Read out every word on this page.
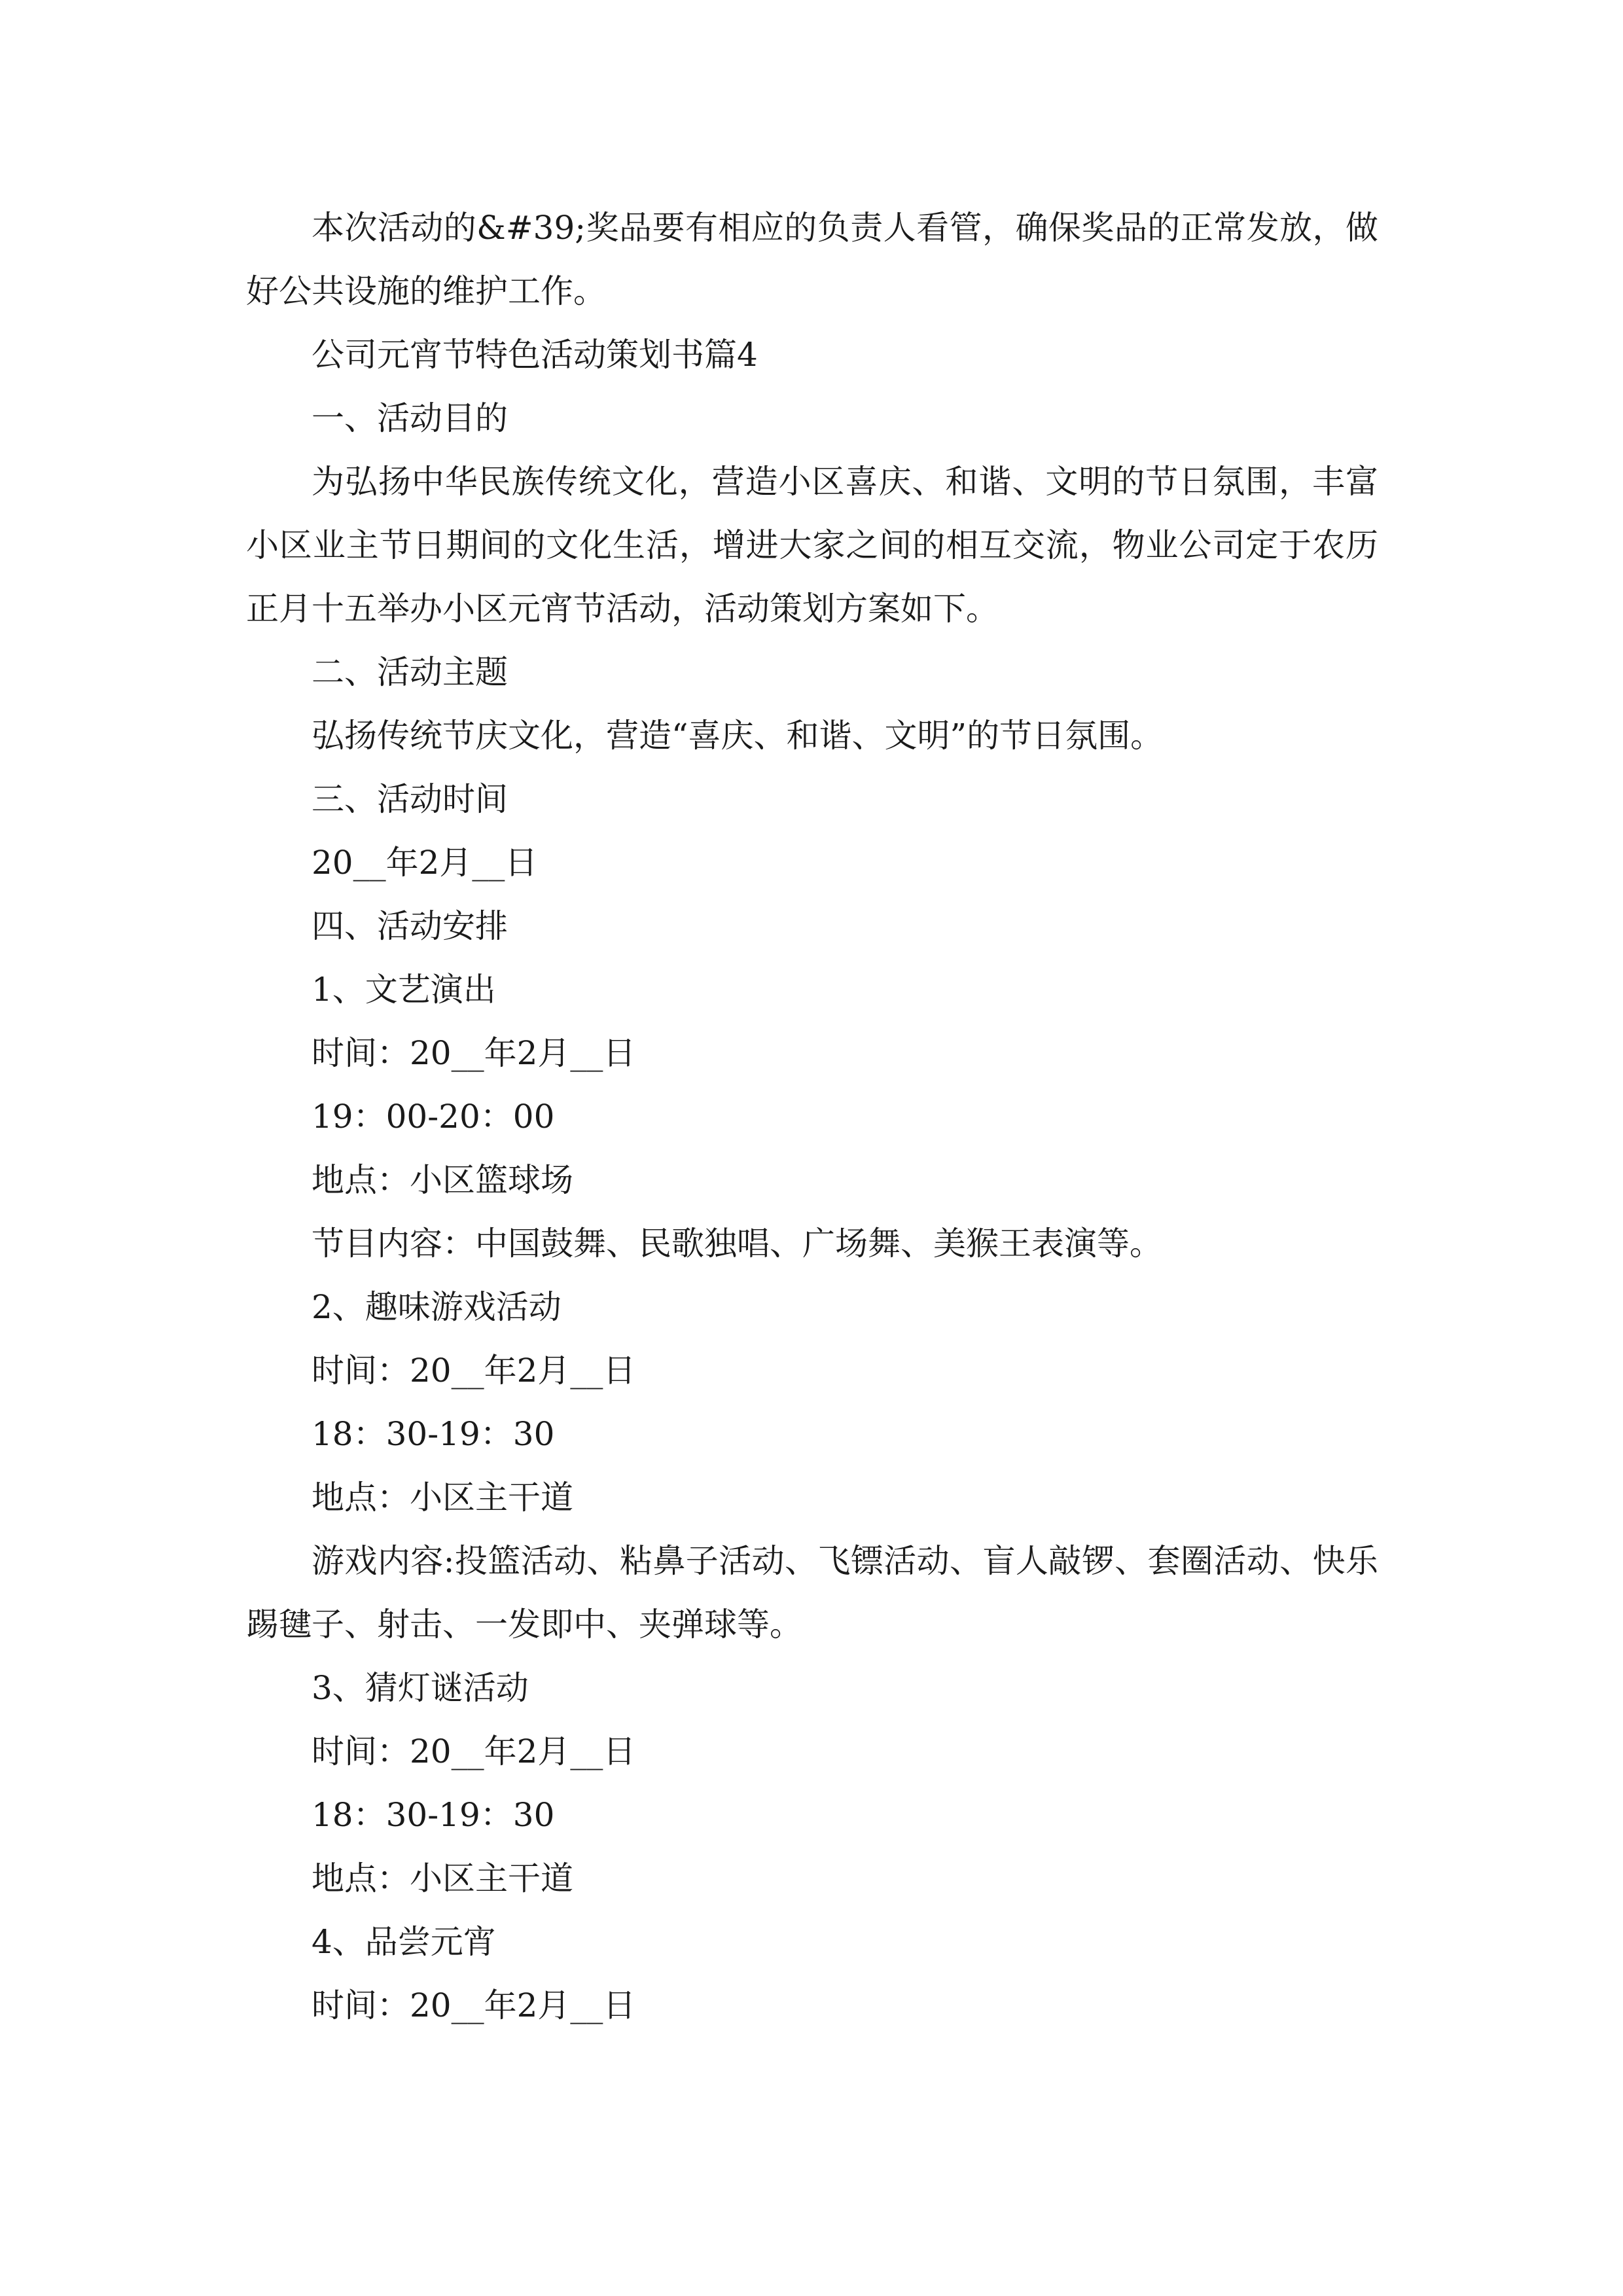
本次活动的&#39;奖品要有相应的负责人看管，确保奖品的正常发放，做好公共设施的维护工作。

公司元宵节特色活动策划书篇4

一、活动目的

为弘扬中华民族传统文化，营造小区喜庆、和谐、文明的节日氛围，丰富小区业主节日期间的文化生活，增进大家之间的相互交流，物业公司定于农历正月十五举办小区元宵节活动，活动策划方案如下。

二、活动主题

弘扬传统节庆文化，营造“喜庆、和谐、文明”的节日氛围。

三、活动时间

20__年2月__日

四、活动安排

1、文艺演出

时间：20__年2月__日

19：00-20：00

地点：小区篮球场

节目内容：中国鼓舞、民歌独唱、广场舞、美猴王表演等。

2、趣味游戏活动

时间：20__年2月__日

18：30-19：30

地点：小区主干道

游戏内容:投篮活动、粘鼻子活动、飞镖活动、盲人敲锣、套圈活动、快乐踢毽子、射击、一发即中、夹弹球等。

3、猜灯谜活动

时间：20__年2月__日

18：30-19：30

地点：小区主干道

4、品尝元宵

时间：20__年2月__日
